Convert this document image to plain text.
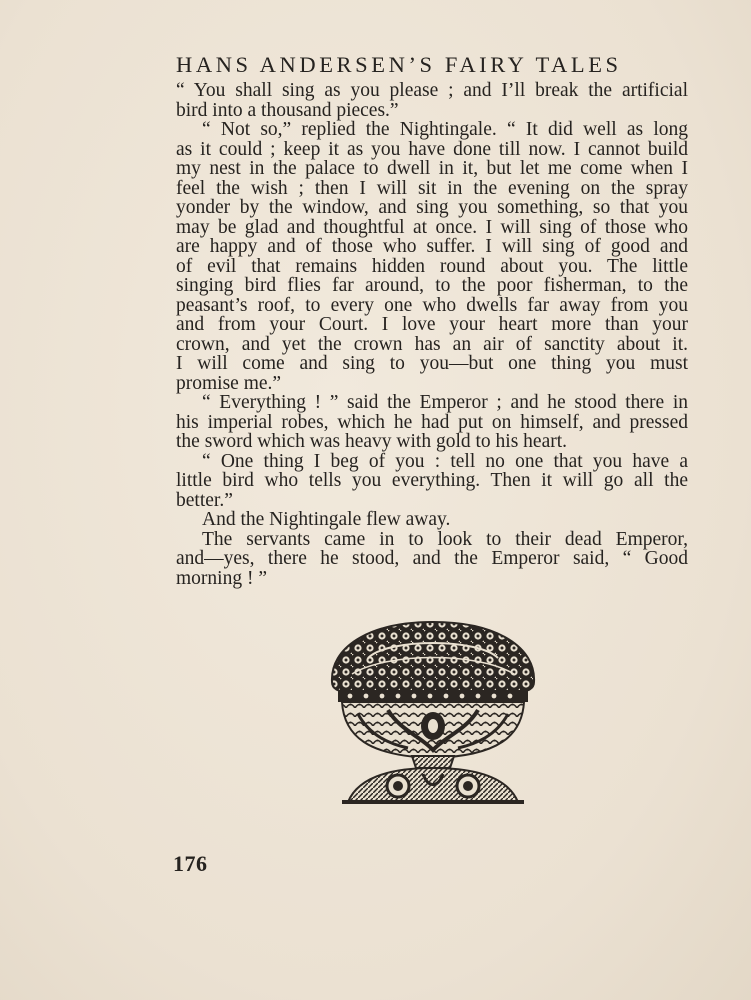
HANS ANDERSEN’S FAIRY TALES
“ You shall sing as you please ; and I’ll break the artificial
bird into a thousand pieces.”
“ Not so,” replied the Nightingale. “ It did well as long
as it could ; keep it as you have done till now. I cannot build
my nest in the palace to dwell in it, but let me come when I
feel the wish ; then I will sit in the evening on the spray
yonder by the window, and sing you something, so that you
may be glad and thoughtful at once. I will sing of those who
are happy and of those who suffer. I will sing of good and
of evil that remains hidden round about you. The little
singing bird flies far around, to the poor fisherman, to the
peasant’s roof, to every one who dwells far away from you
and from your Court. I love your heart more than your
crown, and yet the crown has an air of sanctity about it.
I will come and sing to you—but one thing you must
promise me.”
“ Everything ! ” said the Emperor ; and he stood there in
his imperial robes, which he had put on himself, and pressed
the sword which was heavy with gold to his heart.
“ One thing I beg of you : tell no one that you have a
little bird who tells you everything. Then it will go all the
better.”
And the Nightingale flew away.
The servants came in to look to their dead Emperor,
and—yes, there he stood, and the Emperor said, “ Good
morning ! ”
176
